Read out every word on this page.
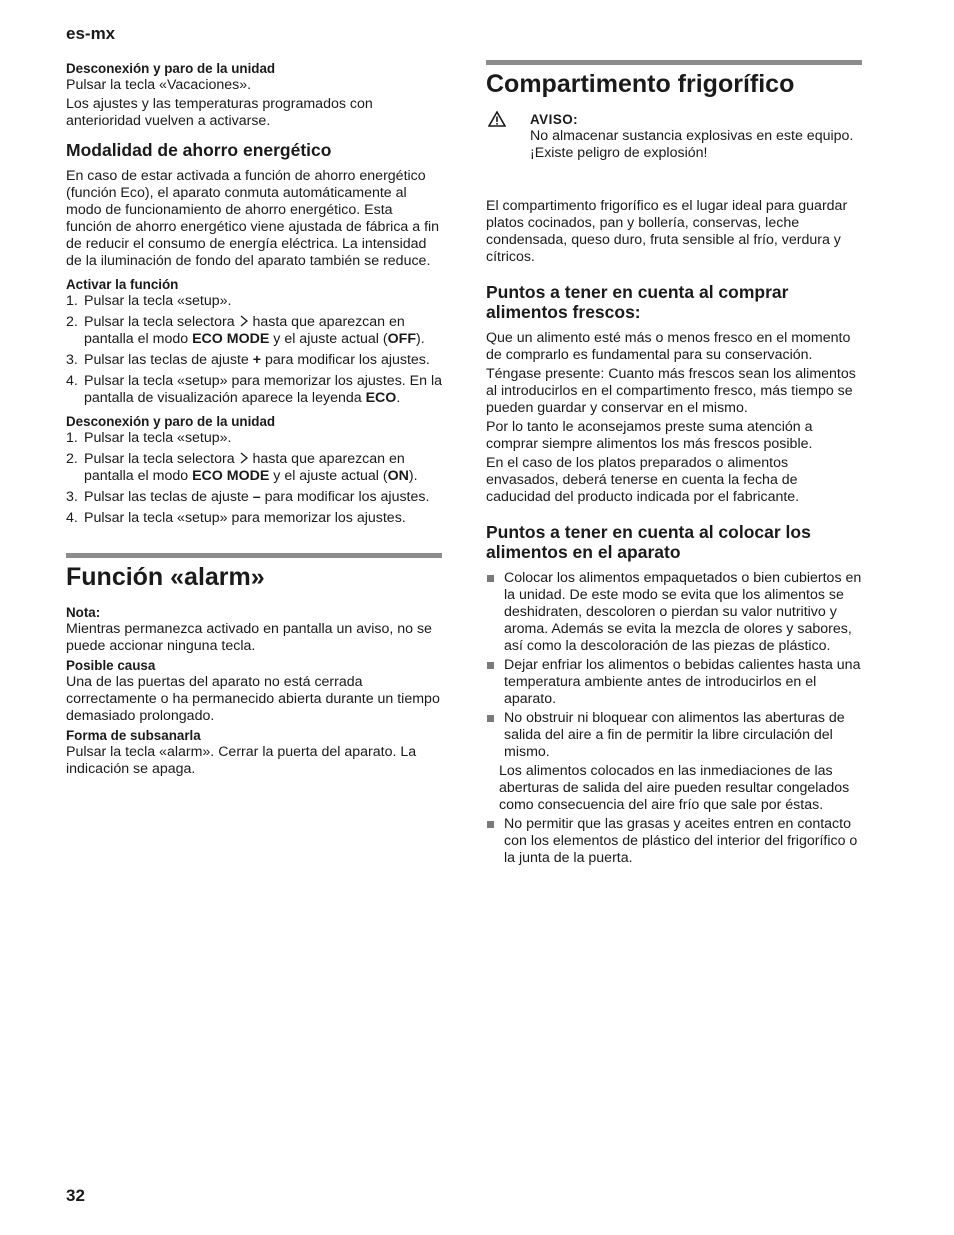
es-mx
Desconexión y paro de la unidad

Pulsar la tecla «Vacaciones».

Los ajustes y las temperaturas programados con anterioridad vuelven a activarse.

Modalidad de ahorro energético

En caso de estar activada a función de ahorro energético (función Eco), el aparato conmuta automáticamente al modo de funcionamiento de ahorro energético. Esta función de ahorro energético viene ajustada de fábrica a fin de reducir el consumo de energía eléctrica. La intensidad de la iluminación de fondo del aparato también se reduce.

Activar la función
1. Pulsar la tecla «setup».
2. Pulsar la tecla selectora hasta que aparezcan en pantalla el modo ECO MODE y el ajuste actual (OFF).
3. Pulsar las teclas de ajuste + para modificar los ajustes.
4. Pulsar la tecla «setup» para memorizar los ajustes. En la pantalla de visualización aparece la leyenda ECO.
Desconexión y paro de la unidad
1. Pulsar la tecla «setup».
2. Pulsar la tecla selectora hasta que aparezcan en pantalla el modo ECO MODE y el ajuste actual (ON).
3. Pulsar las teclas de ajuste – para modificar los ajustes.
4. Pulsar la tecla «setup» para memorizar los ajustes.
Función «alarm»
Nota:

Mientras permanezca activado en pantalla un aviso, no se puede accionar ninguna tecla.

Posible causa

Una de las puertas del aparato no está cerrada correctamente o ha permanecido abierta durante un tiempo demasiado prolongado.

Forma de subsanarla

Pulsar la tecla «alarm». Cerrar la puerta del aparato. La indicación se apaga.

Compartimento frigorífico
AVISO:

No almacenar sustancia explosivas en este equipo. ¡Existe peligro de explosión!

El compartimento frigorífico es el lugar ideal para guardar platos cocinados, pan y bollería, conservas, leche condensada, queso duro, fruta sensible al frío, verdura y cítricos.

Puntos a tener en cuenta al comprar alimentos frescos:

Que un alimento esté más o menos fresco en el momento de comprarlo es fundamental para su conservación.

Téngase presente: Cuanto más frescos sean los alimentos al introducirlos en el compartimento fresco, más tiempo se pueden guardar y conservar en el mismo.

Por lo tanto le aconsejamos preste suma atención a comprar siempre alimentos los más frescos posible.

En el caso de los platos preparados o alimentos envasados, deberá tenerse en cuenta la fecha de caducidad del producto indicada por el fabricante.

Puntos a tener en cuenta al colocar los alimentos en el aparato
Colocar los alimentos empaquetados o bien cubiertos en la unidad. De este modo se evita que los alimentos se deshidraten, descoloren o pierdan su valor nutritivo y aroma. Además se evita la mezcla de olores y sabores, así como la descoloración de las piezas de plástico.
Dejar enfriar los alimentos o bebidas calientes hasta una temperatura ambiente antes de introducirlos en el aparato.
No obstruir ni bloquear con alimentos las aberturas de salida del aire a fin de permitir la libre circulación del mismo.
Los alimentos colocados en las inmediaciones de las aberturas de salida del aire pueden resultar congelados como consecuencia del aire frío que sale por éstas.
No permitir que las grasas y aceites entren en contacto con los elementos de plástico del interior del frigorífico o la junta de la puerta.
32
